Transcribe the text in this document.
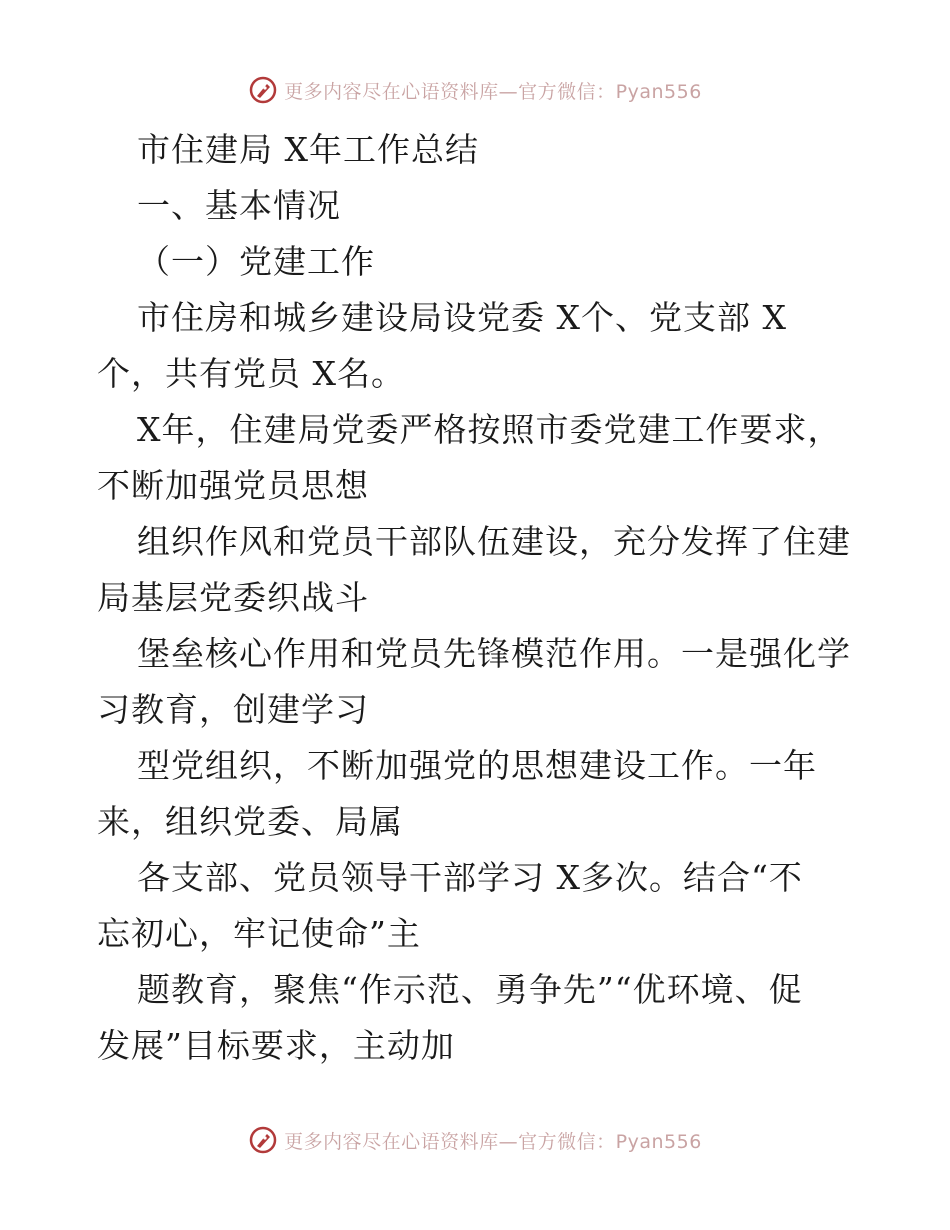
更多内容尽在心语资料库—官方微信：Pyan556
市住建局 X年工作总结
一、基本情况
（一）党建工作
市住房和城乡建设局设党委 X个、党支部 X
个，共有党员 X名。
X年，住建局党委严格按照市委党建工作要求，
不断加强党员思想
组织作风和党员干部队伍建设，充分发挥了住建
局基层党委织战斗
堡垒核心作用和党员先锋模范作用。一是强化学
习教育，创建学习
型党组织，不断加强党的思想建设工作。一年
来，组织党委、局属
各支部、党员领导干部学习 X多次。结合“不
忘初心，牢记使命”主
题教育，聚焦“作示范、勇争先”“优环境、促
发展”目标要求，主动加
更多内容尽在心语资料库—官方微信：Pyan556
